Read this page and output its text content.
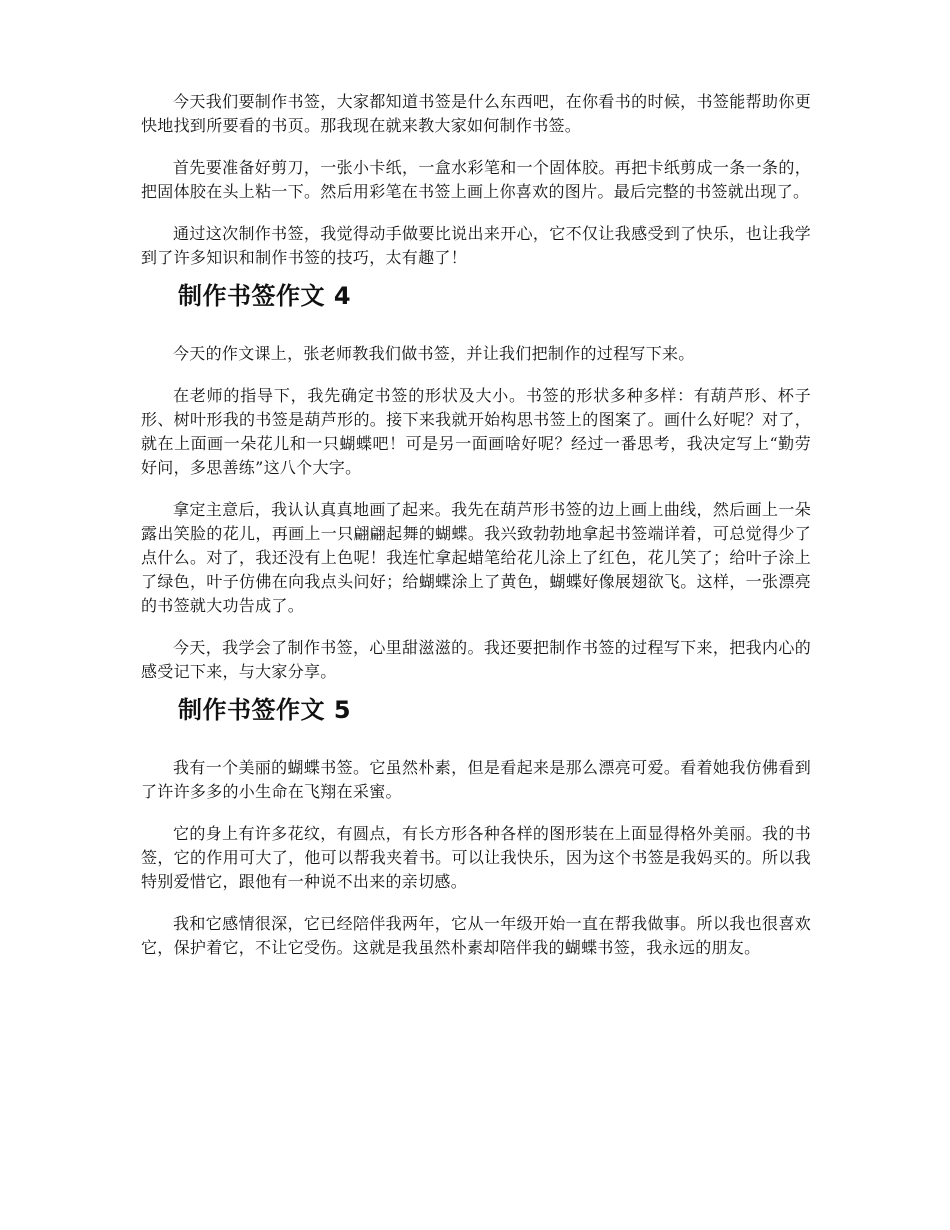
今天我们要制作书签，大家都知道书签是什么东西吧，在你看书的时候，书签能帮助你更快地找到所要看的书页。那我现在就来教大家如何制作书签。

首先要准备好剪刀，一张小卡纸，一盒水彩笔和一个固体胶。再把卡纸剪成一条一条的，把固体胶在头上粘一下。然后用彩笔在书签上画上你喜欢的图片。最后完整的书签就出现了。

通过这次制作书签，我觉得动手做要比说出来开心，它不仅让我感受到了快乐，也让我学到了许多知识和制作书签的技巧，太有趣了！

制作书签作文 4

今天的作文课上，张老师教我们做书签，并让我们把制作的过程写下来。

在老师的指导下，我先确定书签的形状及大小。书签的形状多种多样：有葫芦形、杯子形、树叶形我的书签是葫芦形的。接下来我就开始构思书签上的图案了。画什么好呢？对了，就在上面画一朵花儿和一只蝴蝶吧！可是另一面画啥好呢？经过一番思考，我决定写上“勤劳好问，多思善练”这八个大字。

拿定主意后，我认认真真地画了起来。我先在葫芦形书签的边上画上曲线，然后画上一朵露出笑脸的花儿，再画上一只翩翩起舞的蝴蝶。我兴致勃勃地拿起书签端详着，可总觉得少了点什么。对了，我还没有上色呢！我连忙拿起蜡笔给花儿涂上了红色，花儿笑了；给叶子涂上了绿色，叶子仿佛在向我点头问好；给蝴蝶涂上了黄色，蝴蝶好像展翅欲飞。这样，一张漂亮的书签就大功告成了。

今天，我学会了制作书签，心里甜滋滋的。我还要把制作书签的过程写下来，把我内心的感受记下来，与大家分享。

制作书签作文 5

我有一个美丽的蝴蝶书签。它虽然朴素，但是看起来是那么漂亮可爱。看着她我仿佛看到了许许多多的小生命在飞翔在采蜜。

它的身上有许多花纹，有圆点，有长方形各种各样的图形装在上面显得格外美丽。我的书签，它的作用可大了，他可以帮我夹着书。可以让我快乐，因为这个书签是我妈买的。所以我特别爱惜它，跟他有一种说不出来的亲切感。

我和它感情很深，它已经陪伴我两年，它从一年级开始一直在帮我做事。所以我也很喜欢它，保护着它，不让它受伤。这就是我虽然朴素却陪伴我的蝴蝶书签，我永远的朋友。
